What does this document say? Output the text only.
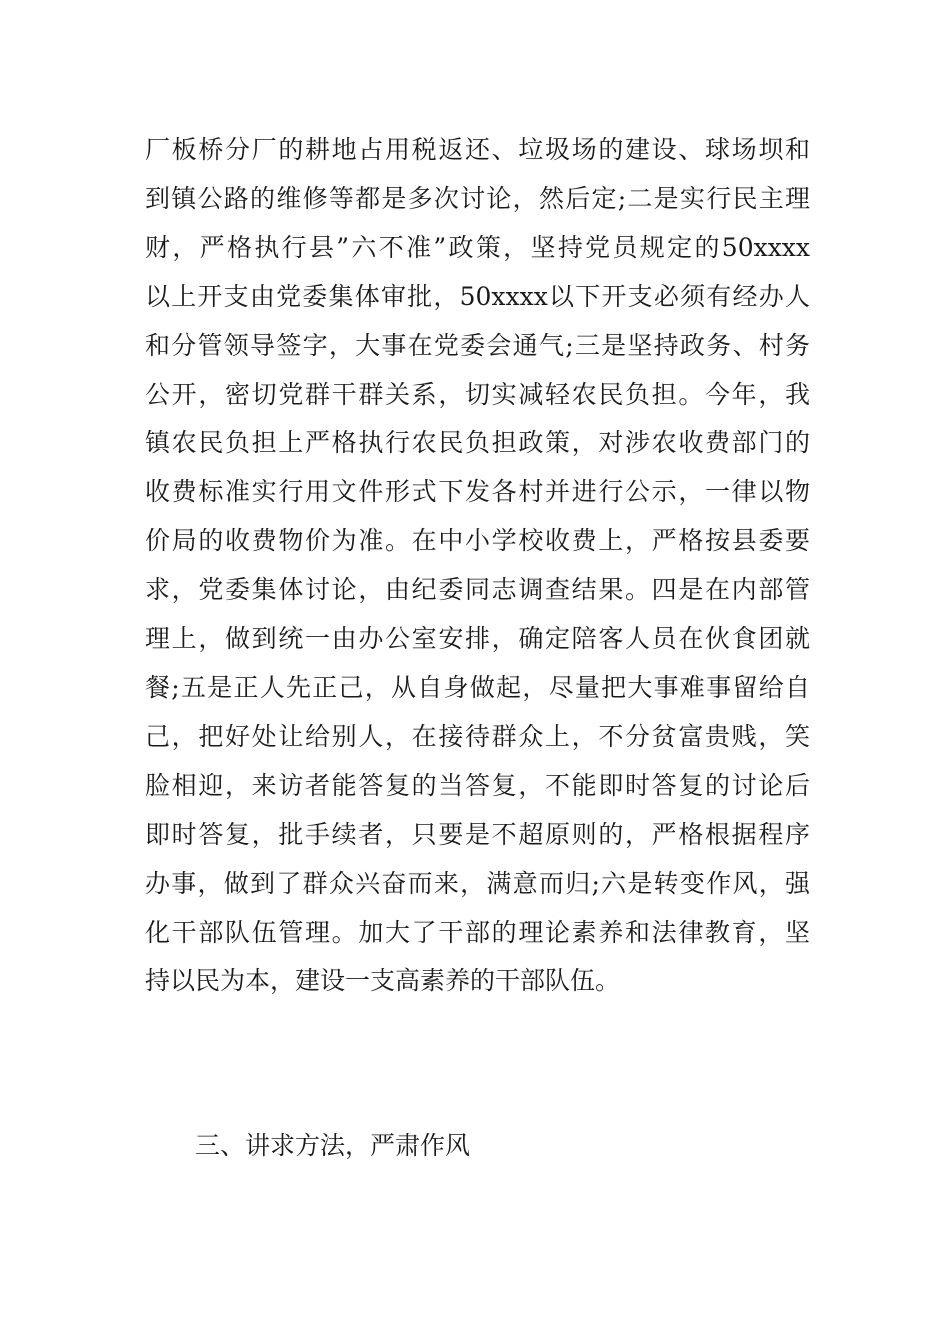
厂板桥分厂的耕地占用税返还、垃圾场的建设、球场坝和
到镇公路的维修等都是多次讨论，然后定;二是实行民主理
财，严格执行县”六不准”政策，坚持党员规定的50xxxx
以上开支由党委集体审批，50xxxx以下开支必须有经办人
和分管领导签字，大事在党委会通气;三是坚持政务、村务
公开，密切党群干群关系，切实减轻农民负担。今年，我
镇农民负担上严格执行农民负担政策，对涉农收费部门的
收费标准实行用文件形式下发各村并进行公示，一律以物
价局的收费物价为准。在中小学校收费上，严格按县委要
求，党委集体讨论，由纪委同志调查结果。四是在内部管
理上，做到统一由办公室安排，确定陪客人员在伙食团就
餐;五是正人先正己，从自身做起，尽量把大事难事留给自
己，把好处让给别人，在接待群众上，不分贫富贵贱，笑
脸相迎，来访者能答复的当答复，不能即时答复的讨论后
即时答复，批手续者，只要是不超原则的，严格根据程序
办事，做到了群众兴奋而来，满意而归;六是转变作风，强
化干部队伍管理。加大了干部的理论素养和法律教育，坚
持以民为本，建设一支高素养的干部队伍。
三、讲求方法，严肃作风
